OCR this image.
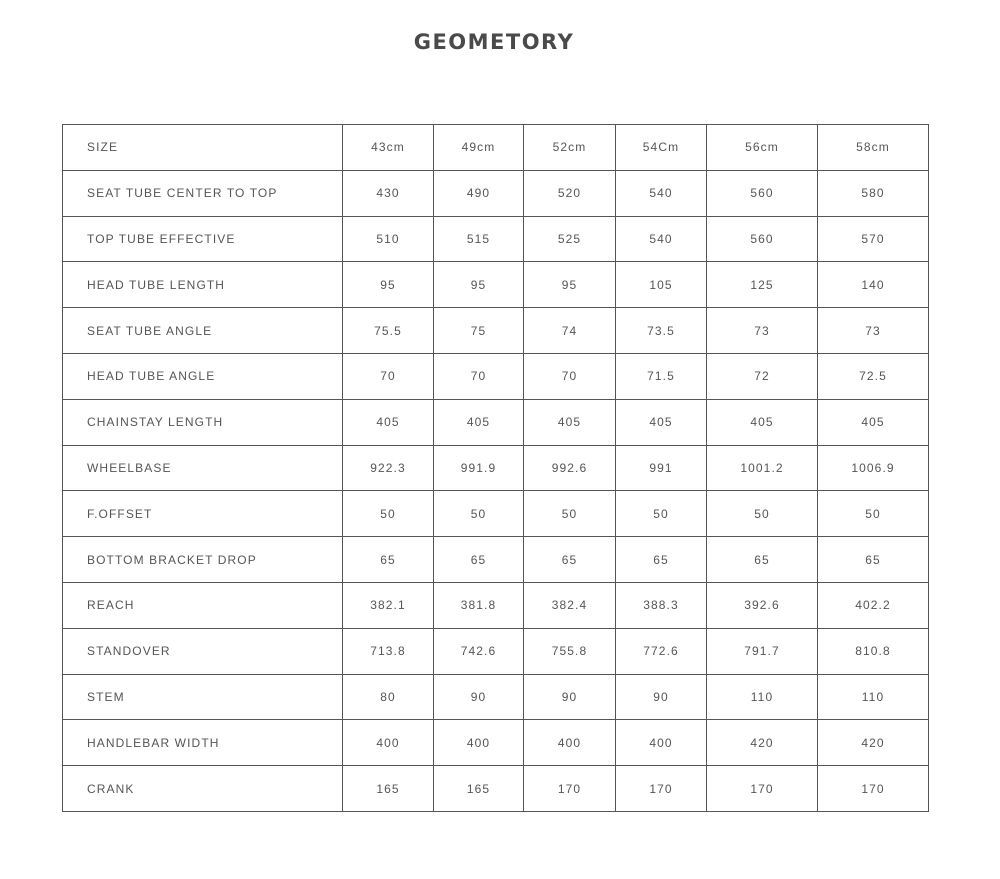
GEOMETORY
SIZE	43cm	49cm	52cm	54Cm	56cm	58cm
SEAT TUBE CENTER TO TOP	430	490	520	540	560	580
TOP TUBE EFFECTIVE	510	515	525	540	560	570
HEAD TUBE LENGTH	95	95	95	105	125	140
SEAT TUBE ANGLE	75.5	75	74	73.5	73	73
HEAD TUBE ANGLE	70	70	70	71.5	72	72.5
CHAINSTAY LENGTH	405	405	405	405	405	405
WHEELBASE	922.3	991.9	992.6	991	1001.2	1006.9
F.OFFSET	50	50	50	50	50	50
BOTTOM BRACKET DROP	65	65	65	65	65	65
REACH	382.1	381.8	382.4	388.3	392.6	402.2
STANDOVER	713.8	742.6	755.8	772.6	791.7	810.8
STEM	80	90	90	90	110	110
HANDLEBAR WIDTH	400	400	400	400	420	420
CRANK	165	165	170	170	170	170
